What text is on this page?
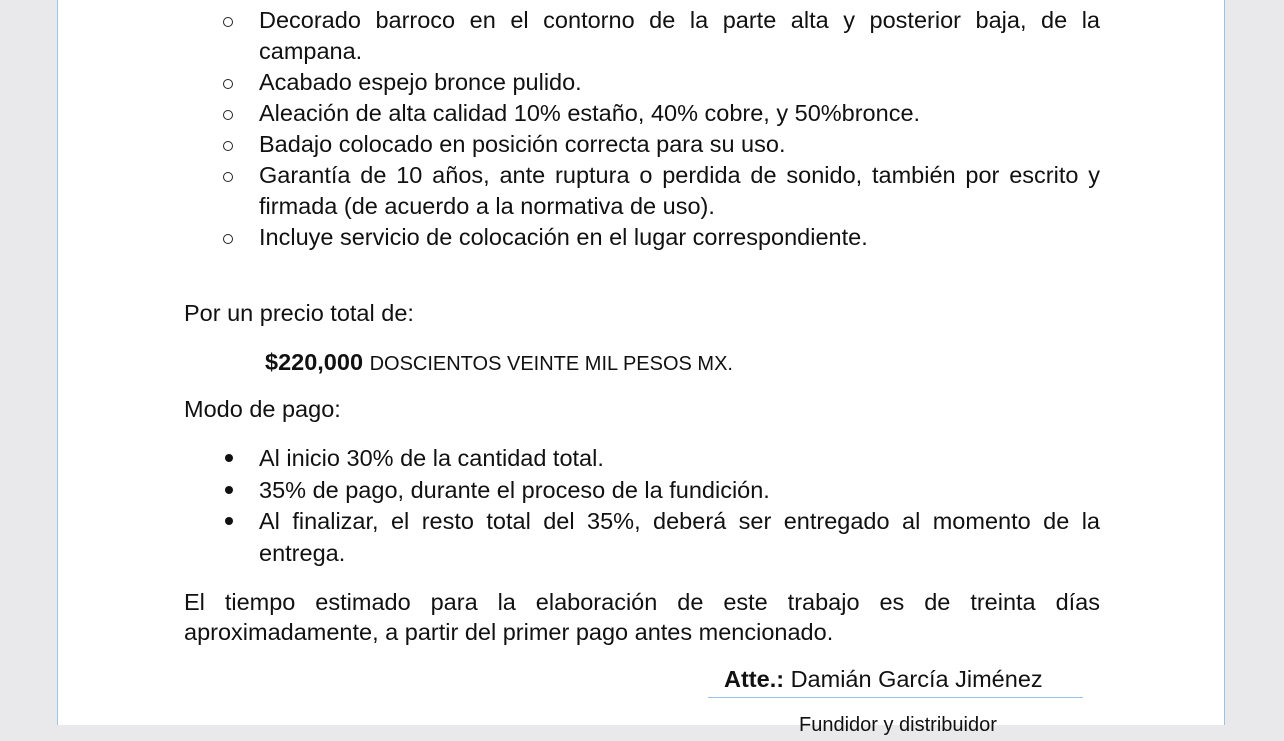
Decorado barroco en el contorno de la parte alta y posterior baja, de la campana.
Acabado espejo bronce pulido.
Aleación de alta calidad 10% estaño, 40% cobre, y 50%bronce.
Badajo colocado en posición correcta para su uso.
Garantía de 10 años, ante ruptura o perdida de sonido, también por escrito y firmada (de acuerdo a la normativa de uso).
Incluye servicio de colocación en el lugar correspondiente.
Por un precio total de:
$220,000 DOSCIENTOS VEINTE MIL PESOS MX.
Modo de pago:
Al inicio 30% de la cantidad total.
35% de pago, durante el proceso de la fundición.
Al finalizar, el resto total del 35%, deberá ser entregado al momento de la entrega.
El tiempo estimado para la elaboración de este trabajo es de treinta días aproximadamente, a partir del primer pago antes mencionado.
Atte.: Damián García Jiménez
Fundidor y distribuidor
